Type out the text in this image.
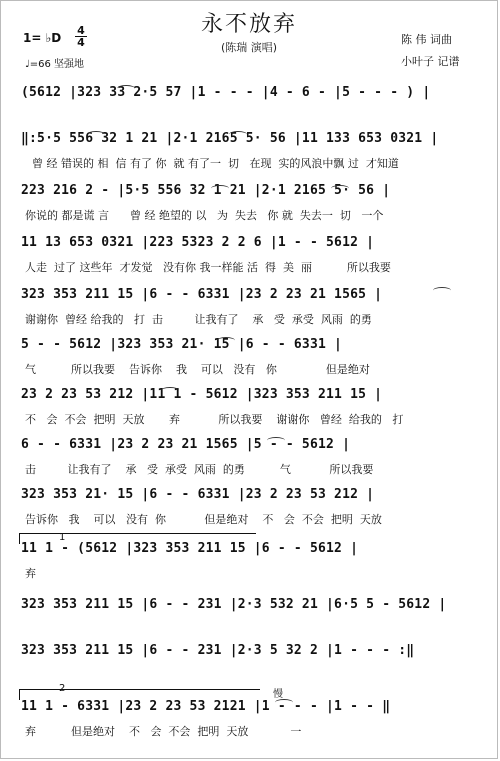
永不放弃
(陈瑞 演唱)
1= ♭D $\frac{4}{4}$
♩=66 坚强地
陈 伟 词曲
小叶子 记谱
(5612 |323 33 2·5 57 |1 - - - |4 - 6 - |5 - - - ) |
‖:5·5 556 32 1 21 |2·1 2165 5· 56 |11 133 653 0321 |
曾 经 错误的 相  信 有了 你  就 有了一  切   在现  实的风浪中飘 过  才知道
223 216 2 - |5·5 556 32 1 21 |2·1 2165 5· 56 |
你说的 都是谎 言      曾 经 绝望的 以   为  失去   你 就  失去一  切   一个
11 13 653 0321 |223 5323 2 2 6 |1 - - 5612 |
人走  过了 这些年  才发觉   没有你 我一样能 活  得  美  丽          所以我要
323 353 211 15 |6 - - 6331 |23 2 23 21 1565 |
谢谢你  曾经 给我的   打  击         让我有了    承   受  承受  风雨  的勇
5 - - 5612 |323 353 21· 15 |6 - - 6331 |
气          所以我要    告诉你    我    可以   没有   你              但是绝对
23 2 23 53 212 |11 1 - 5612 |323 353 211 15 |
不   会  不会  把明  天放       弃           所以我要    谢谢你   曾经  给我的   打
6 - - 6331 |23 2 23 21 1565 |5 - - 5612 |
击         让我有了    承   受  承受  风雨  的勇          气           所以我要
323 353 21· 15 |6 - - 6331 |23 2 23 53 212 |
告诉你   我    可以   没有  你           但是绝对    不   会  不会  把明  天放
1
11 1 - (5612 |323 353 211 15 |6 - - 5612 |
弃
323 353 211 15 |6 - - 231 |2·3 532 21 |6·5 5 - 5612 |
323 353 211 15 |6 - - 231 |2·3 5 32 2 |1 - - - :‖
2
慢
11 1 - 6331 |23 2 23 53 2121 |1 - - - |1 - - ‖
弃          但是绝对    不   会  不会  把明  天放            一
